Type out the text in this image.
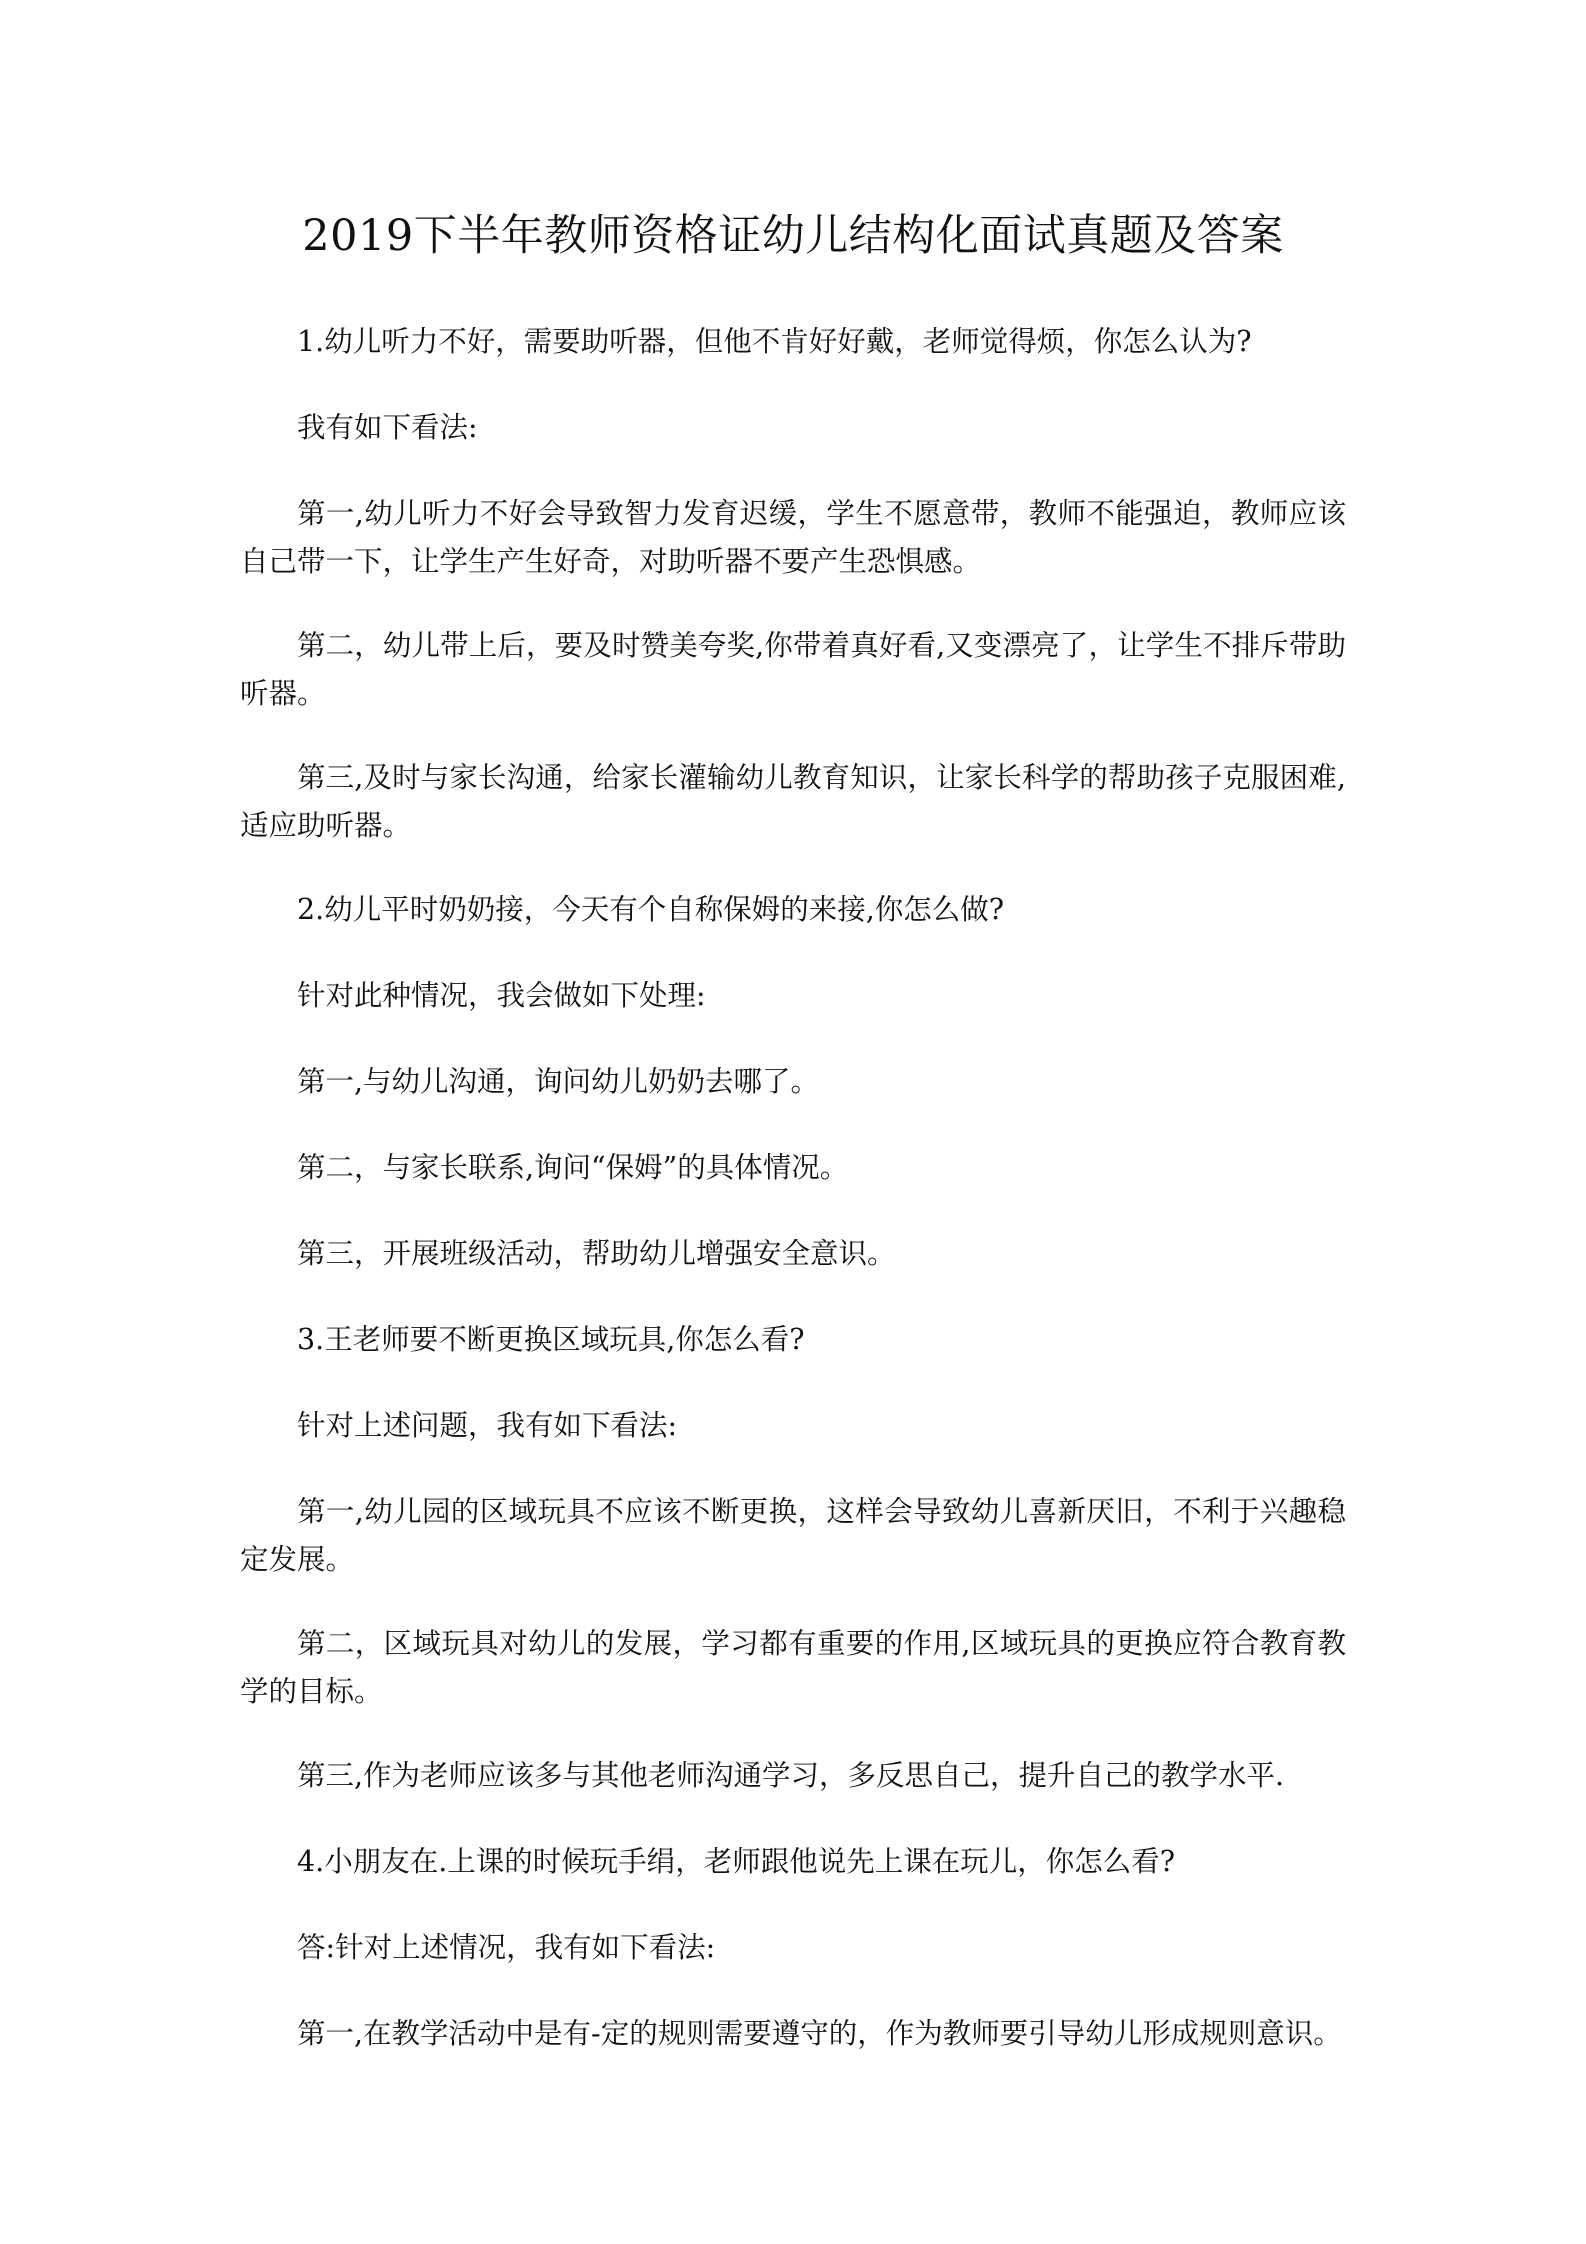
2019下半年教师资格证幼儿结构化面试真题及答案

1.幼儿听力不好，需要助听器，但他不肯好好戴，老师觉得烦，你怎么认为?

我有如下看法:

第一,幼儿听力不好会导致智力发育迟缓，学生不愿意带，教师不能强迫，教师应该自己带一下，让学生产生好奇，对助听器不要产生恐惧感。

第二，幼儿带上后，要及时赞美夸奖,你带着真好看,又变漂亮了，让学生不排斥带助听器。

第三,及时与家长沟通，给家长灌输幼儿教育知识，让家长科学的帮助孩子克服困难,适应助听器。

2.幼儿平时奶奶接，今天有个自称保姆的来接,你怎么做?

针对此种情况，我会做如下处理:

第一,与幼儿沟通，询问幼儿奶奶去哪了。

第二，与家长联系,询问“保姆”的具体情况。

第三，开展班级活动，帮助幼儿增强安全意识。

3.王老师要不断更换区域玩具,你怎么看?

针对上述问题，我有如下看法:

第一,幼儿园的区域玩具不应该不断更换，这样会导致幼儿喜新厌旧，不利于兴趣稳定发展。

第二，区域玩具对幼儿的发展，学习都有重要的作用,区域玩具的更换应符合教育教学的目标。

第三,作为老师应该多与其他老师沟通学习，多反思自己，提升自己的教学水平.

4.小朋友在.上课的时候玩手绢，老师跟他说先上课在玩儿，你怎么看?

答:针对上述情况，我有如下看法:

第一,在教学活动中是有-定的规则需要遵守的，作为教师要引导幼儿形成规则意识。
